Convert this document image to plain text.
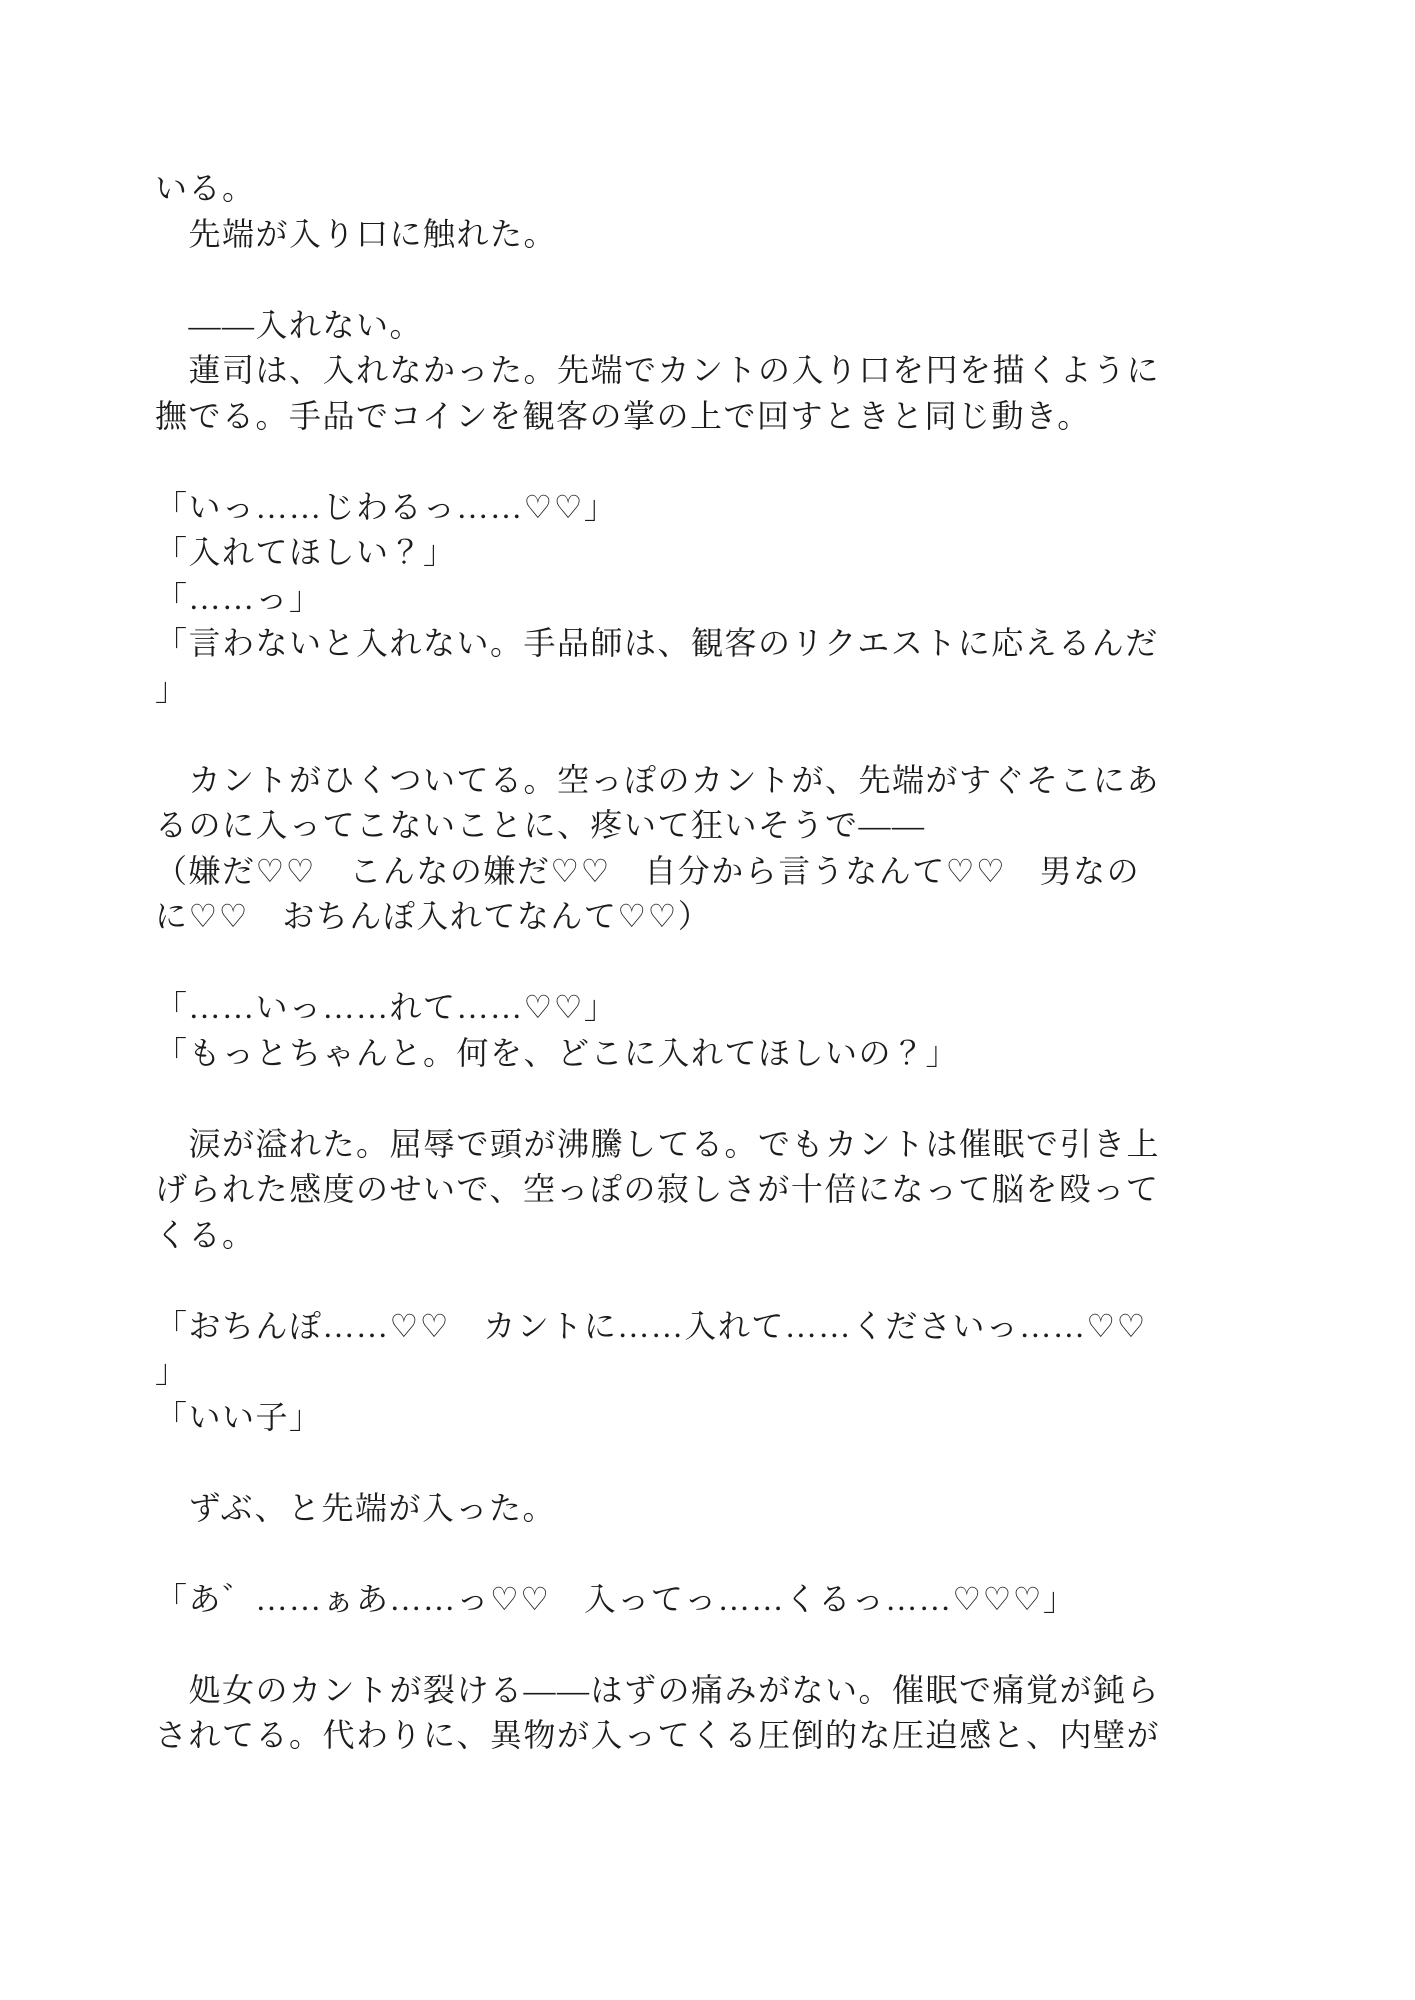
いる。
　先端が入り口に触れた。
　——入れない。
　蓮司は、入れなかった。先端でカントの入り口を円を描くように
撫でる。手品でコインを観客の掌の上で回すときと同じ動き。
「いっ……じわるっ……♡♡」
「入れてほしい？」
「……っ」
「言わないと入れない。手品師は、観客のリクエストに応えるんだ
」
　カントがひくついてる。空っぽのカントが、先端がすぐそこにあ
るのに入ってこないことに、疼いて狂いそうで——
（嫌だ♡♡　こんなの嫌だ♡♡　自分から言うなんて♡♡　男なの
に♡♡　おちんぽ入れてなんて♡♡）
「……いっ……れて……♡♡」
「もっとちゃんと。何を、どこに入れてほしいの？」
　涙が溢れた。屈辱で頭が沸騰してる。でもカントは催眠で引き上
げられた感度のせいで、空っぽの寂しさが十倍になって脳を殴って
くる。
「おちんぽ……♡♡　カントに……入れて……くださいっ……♡♡
」
「いい子」
　ずぶ、と先端が入った。
「あ゛……ぁあ……っ♡♡　入ってっ……くるっ……♡♡♡」
　処女のカントが裂ける——はずの痛みがない。催眠で痛覚が鈍ら
されてる。代わりに、異物が入ってくる圧倒的な圧迫感と、内壁が
